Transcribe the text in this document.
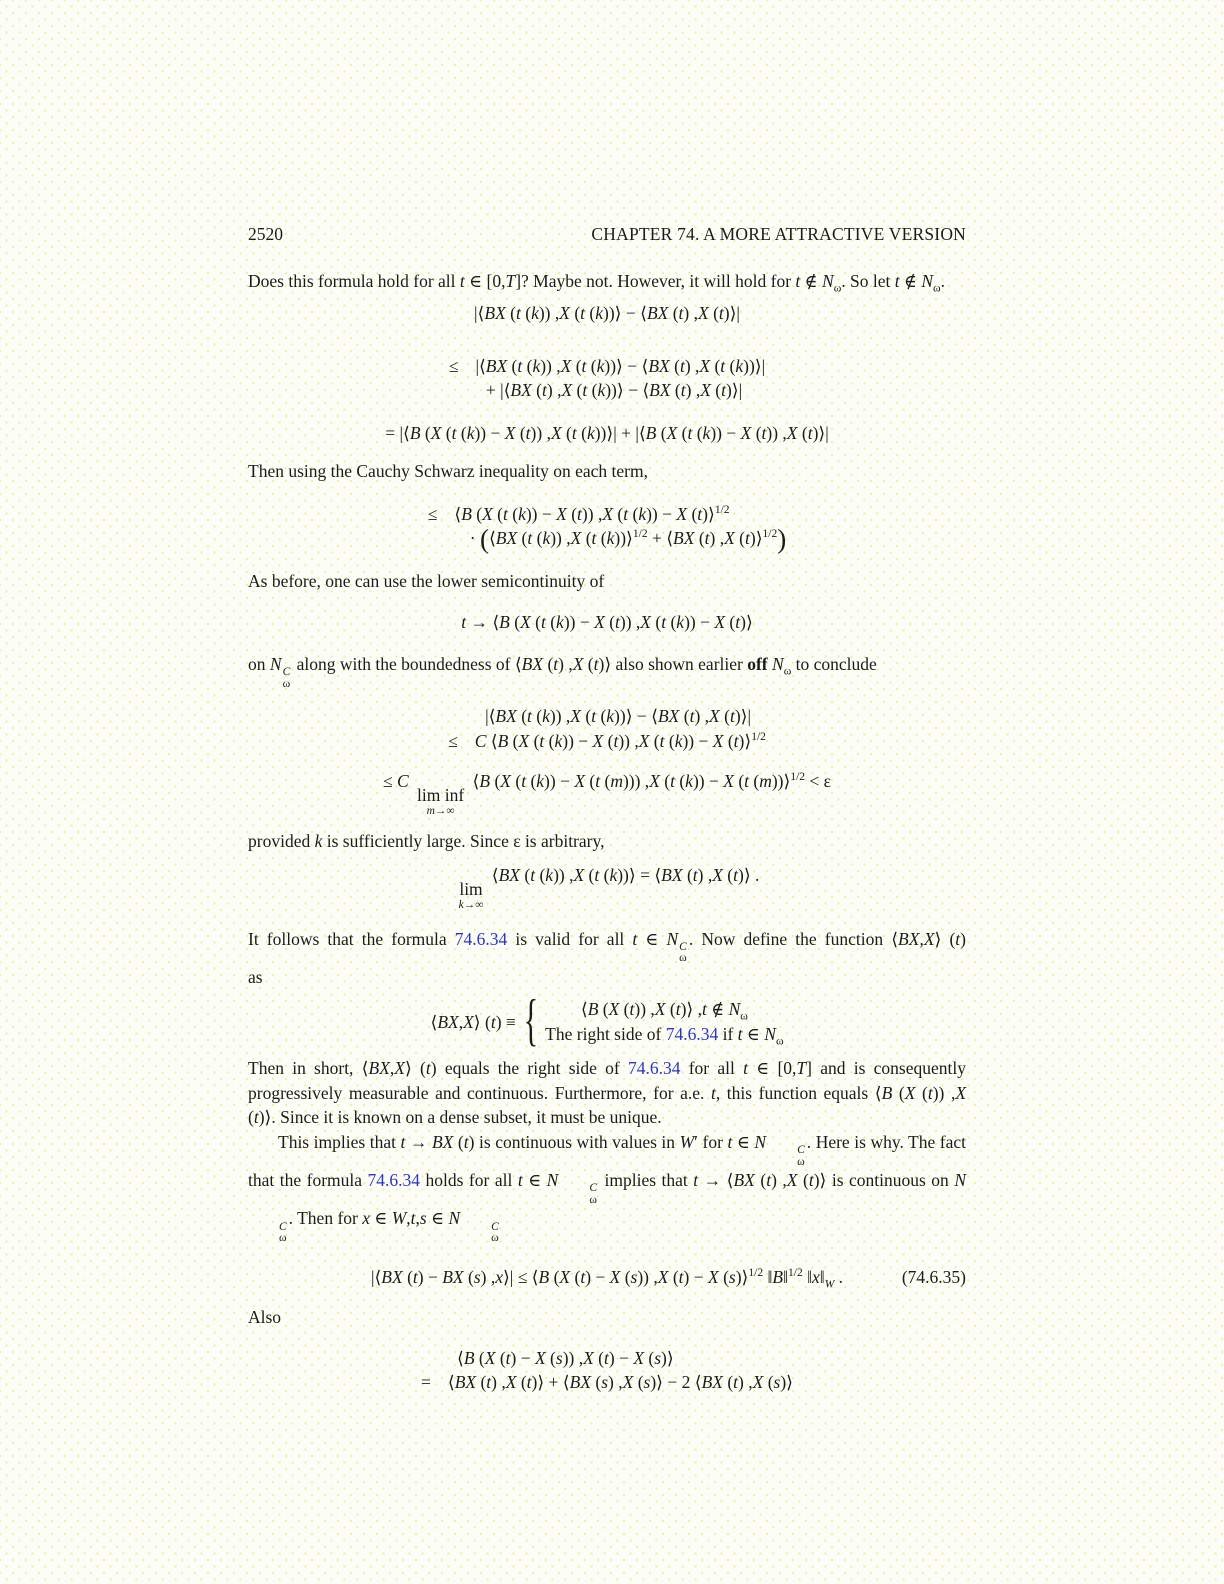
2520	CHAPTER 74. A MORE ATTRACTIVE VERSION
Does this formula hold for all t ∈ [0,T]? Maybe not. However, it will hold for t ∉ $N_\omega$. So let t ∉ $N_\omega$.
|⟨BX (t (k)) ,X (t (k))⟩ − ⟨BX (t) ,X (t)⟩|
≤ |⟨BX (t (k)) ,X (t (k))⟩ − ⟨BX (t) ,X (t (k))⟩|
+ |⟨BX (t) ,X (t (k))⟩ − ⟨BX (t) ,X (t)⟩|
= |⟨B (X (t (k)) − X (t)) ,X (t (k))⟩| + |⟨B (X (t (k)) − X (t)) ,X (t)⟩|
Then using the Cauchy Schwarz inequality on each term,
≤ ⟨B (X (t (k)) − X (t)) ,X (t (k)) − X (t)⟩$^{1/2}$
· (⟨BX (t (k)) ,X (t (k))⟩$^{1/2}$ + ⟨BX (t) ,X (t)⟩$^{1/2}$)
As before, one can use the lower semicontinuity of
t → ⟨B (X (t (k)) − X (t)) ,X (t (k)) − X (t)⟩
on N C
ω
along with the boundedness of ⟨BX (t) ,X (t)⟩ also shown earlier off $N_\omega$ to conclude
|⟨BX (t (k)) ,X (t (k))⟩ − ⟨BX (t) ,X (t)⟩|
≤ C ⟨B (X (t (k)) − X (t)) ,X (t (k)) − X (t)⟩$^{1/2}$
≤ C
lim inf
m→∞
⟨B (X (t (k)) − X (t (m))) ,X (t (k)) − X (t (m))⟩$^{1/2}$ < ε
provided k is sufficiently large. Since ε is arbitrary,
lim
k→∞
⟨BX (t (k)) ,X (t (k))⟩ = ⟨BX (t) ,X (t)⟩ .
It follows that the formula 74.6.34 is valid for all t ∈ N C
ω
. Now define the function ⟨BX,X⟩ (t)
as
⟨BX,X⟩ (t) ≡ { ⟨B (X (t)) ,X (t)⟩ ,t ∉ $N_\omega$
The right side of 74.6.34 if t ∈ $N_\omega$
Then in short, ⟨BX,X⟩ (t) equals the right side of 74.6.34 for all t ∈ [0,T] and is consequently progressively measurable and continuous. Furthermore, for a.e. t, this function equals ⟨B (X (t)) ,X (t)⟩. Since it is known on a dense subset, it must be unique.
This implies that t → BX (t) is continuous with values in W′ for t ∈ N	C
ω
. Here is why. The fact that the formula 74.6.34 holds for all t ∈ N	C
ω
implies that t → ⟨BX (t) ,X (t)⟩ is continuous on N
C
ω
. Then for x ∈ W,t,s ∈ N	C
ω
|⟨BX (t) − BX (s) ,x⟩| ≤ ⟨B (X (t) − X (s)) ,X (t) − X (s)⟩$^{1/2}$ ‖B‖$^{1/2}$ $‖x‖_W$ .	(74.6.35)
Also
⟨B (X (t) − X (s)) ,X (t) − X (s)⟩
= ⟨BX (t) ,X (t)⟩ + ⟨BX (s) ,X (s)⟩ − 2 ⟨BX (t) ,X (s)⟩
